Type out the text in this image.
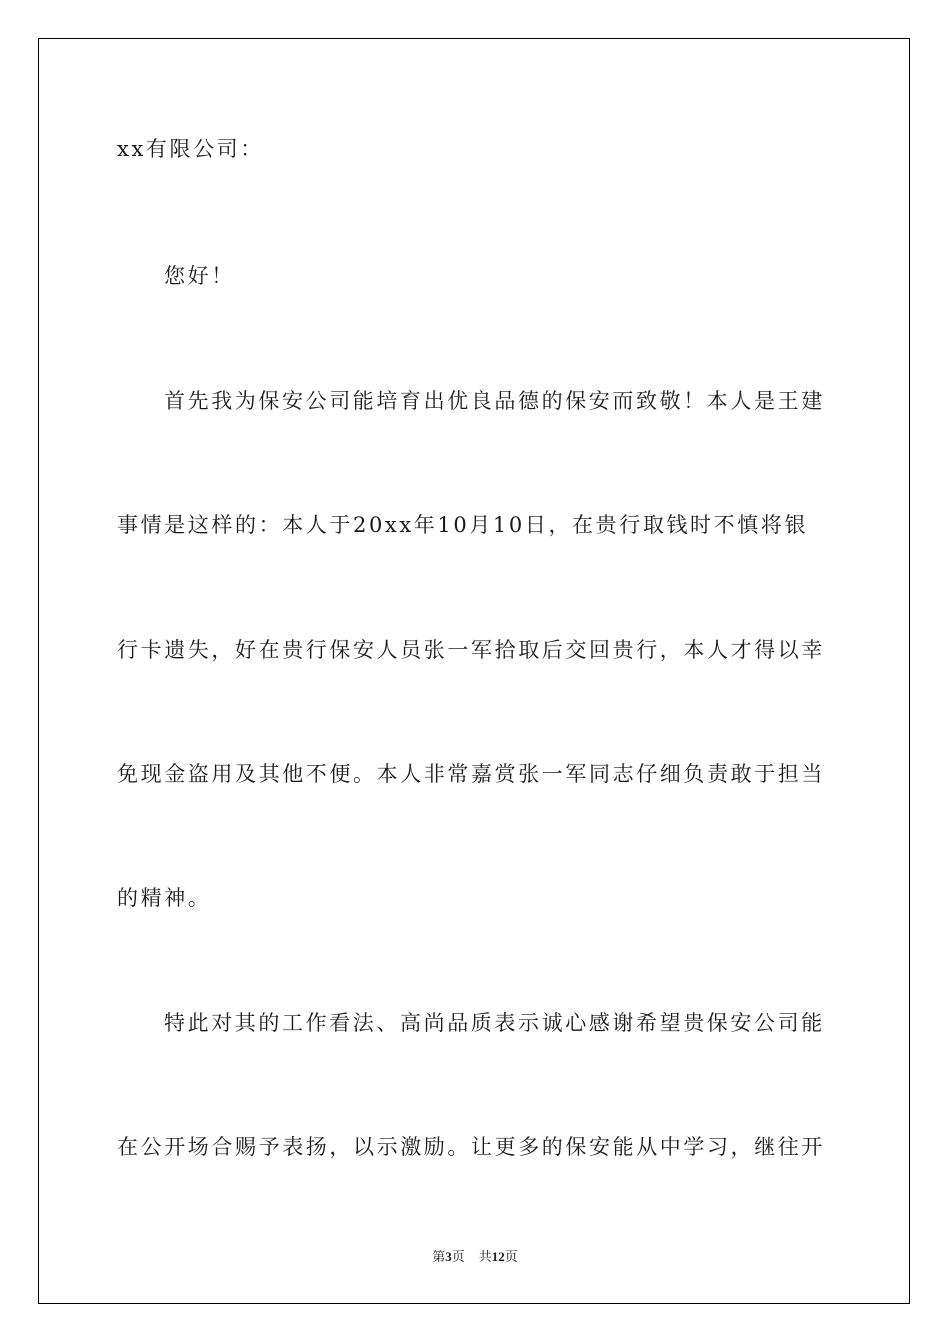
xx有限公司：
您好！
首先我为保安公司能培育出优良品德的保安而致敬！本人是王建
事情是这样的：本人于20xx年10月10日，在贵行取钱时不慎将银
行卡遗失，好在贵行保安人员张一军拾取后交回贵行，本人才得以幸
免现金盗用及其他不便。本人非常嘉赏张一军同志仔细负责敢于担当
的精神。
特此对其的工作看法、高尚品质表示诚心感谢希望贵保安公司能
在公开场合赐予表扬，以示激励。让更多的保安能从中学习，继往开
第3页 共12页
